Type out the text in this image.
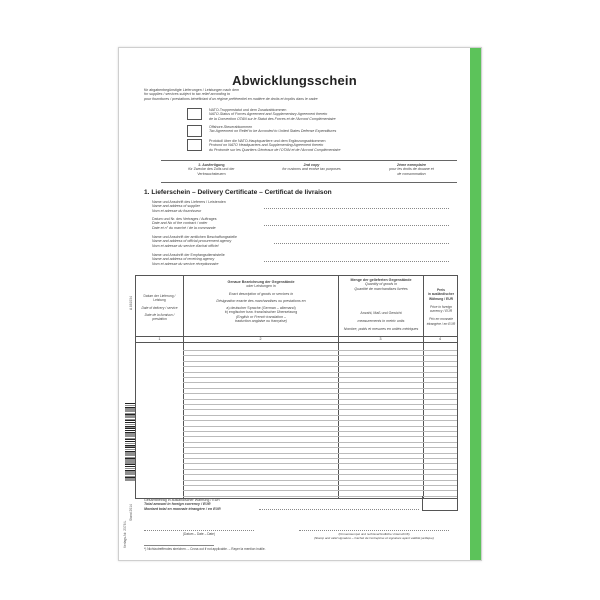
Abwicklungsschein
für abgabenbegünstigte Lieferungen / Leistungen nach dem
for supplies / services subject to tax relief according to
pour fournitures / prestations bénéficiant d'un régime préférentiel en matière de droits et impôts dans le cadre
NATO-Truppenstatut und dem Zusatzabkommen
NATO-Status of Forces Agreement and Supplementary Agreement thereto
de la Convention OTAN sur le Statut des Forces et de l'Accord Complémentaire
Offshore-Steuerabkommen
Tax Agreement on Relief to be Accorded to United States Defense Expenditures
Protokoll über die NATO-Hauptquartiere und dem Ergänzungsabkommen
Protocol on NATO Headquarters and Supplementing Agreement thereto
du Protocole sur les Quartiers Généraux de l'OTAN et de l'Accord Complémentaire
2. Ausfertigung
für Zwecke des Zolls und der
Verbrauchsteuern
2nd copy
for customs and excise tax purposes
2ème exemplaire
pour les droits de douane et
de consommation
1. Lieferschein – Delivery Certificate – Certificat de livraison
Name und Anschrift des Lieferers / Leistenden
Name and address of supplier
Nom et adresse du fournisseur
Datum und Nr. des Vertrages / Auftrages
Date and No of the contract / order
Date et n° du marché / de la commande
Name und Anschrift der amtlichen Beschaffungsstelle
Name and address of official procurement agency
Nom et adresse du service d'achat officiel
Name und Anschrift der Empfangsdienststelle
Name and address of receiving agency
Nom et adresse du service réceptionnaire
Verlags-Nr. 2378 L
Stand 2014
A 881034
Datum der Lieferung / Leistung
Date of delivery / service
Date de la livraison / prestation
Genaue Bezeichnung der Gegenstände
oder Leistungen in
Exact description of goods or services in
Désignation exacte des marchandises ou prestations en
a) deutscher Sprache (German – allemand)
b) englischer bzw. französischer Übersetzung
(English or French translation –
traduction anglaise ou française)
Menge der gelieferten Gegenstände
Quantity of goods in
Quantité de marchandises livrées
Anzahl, Maß und Gewicht
measurements in metric units
Nombre, poids et mesures en unités métriques
Preis
in ausländischer
Währung / EUR
Price in foreign
currency / EUR
Prix en monnaie
étrangère / en EUR
1	2	3	4
Gesamtbetrag in ausländischer Währung / EUR
Total amount in foreign currency / EUR
Montant total en monnaie étrangère / en EUR
(Datum – Date – Date)	(Firmenstempel und rechtsverbindliche Unterschrift)
(Stamp and valid signature – Cachet de l'entreprise et signature ayant validité juridique)
*) Nichtzutreffendes streichen. – Cross out if not applicable. – Rayer la mention inutile.
